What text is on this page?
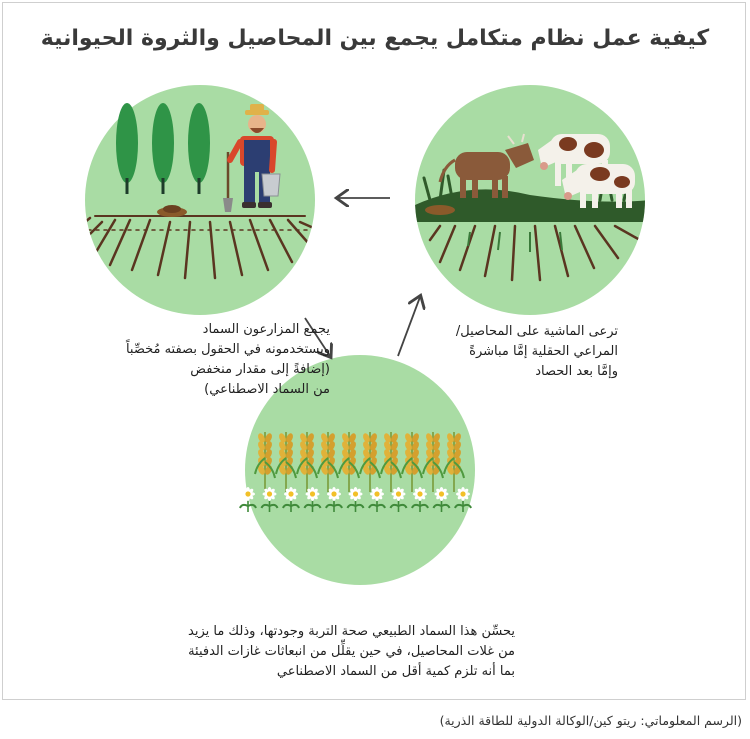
كيفية عمل نظام متكامل يجمع بين المحاصيل والثروة الحيوانية
يجمع المزارعون السماد
ويستخدمونه في الحقول بصفته مُخصِّباً
(إضافةً إلى مقدار منخفض
من السماد الاصطناعي)
ترعى الماشية على المحاصيل/
المراعي الحقلية إمَّا مباشرةً
وإمَّا بعد الحصاد
يحسِّن هذا السماد الطبيعي صحة التربة وجودتها، وذلك ما يزيد
من غلات المحاصيل، في حين يقلِّل من انبعاثات غازات الدفيئة
بما أنه تلزم كمية أقل من السماد الاصطناعي
(الرسم المعلوماتي: ريتو كين/الوكالة الدولية للطاقة الذرية)
